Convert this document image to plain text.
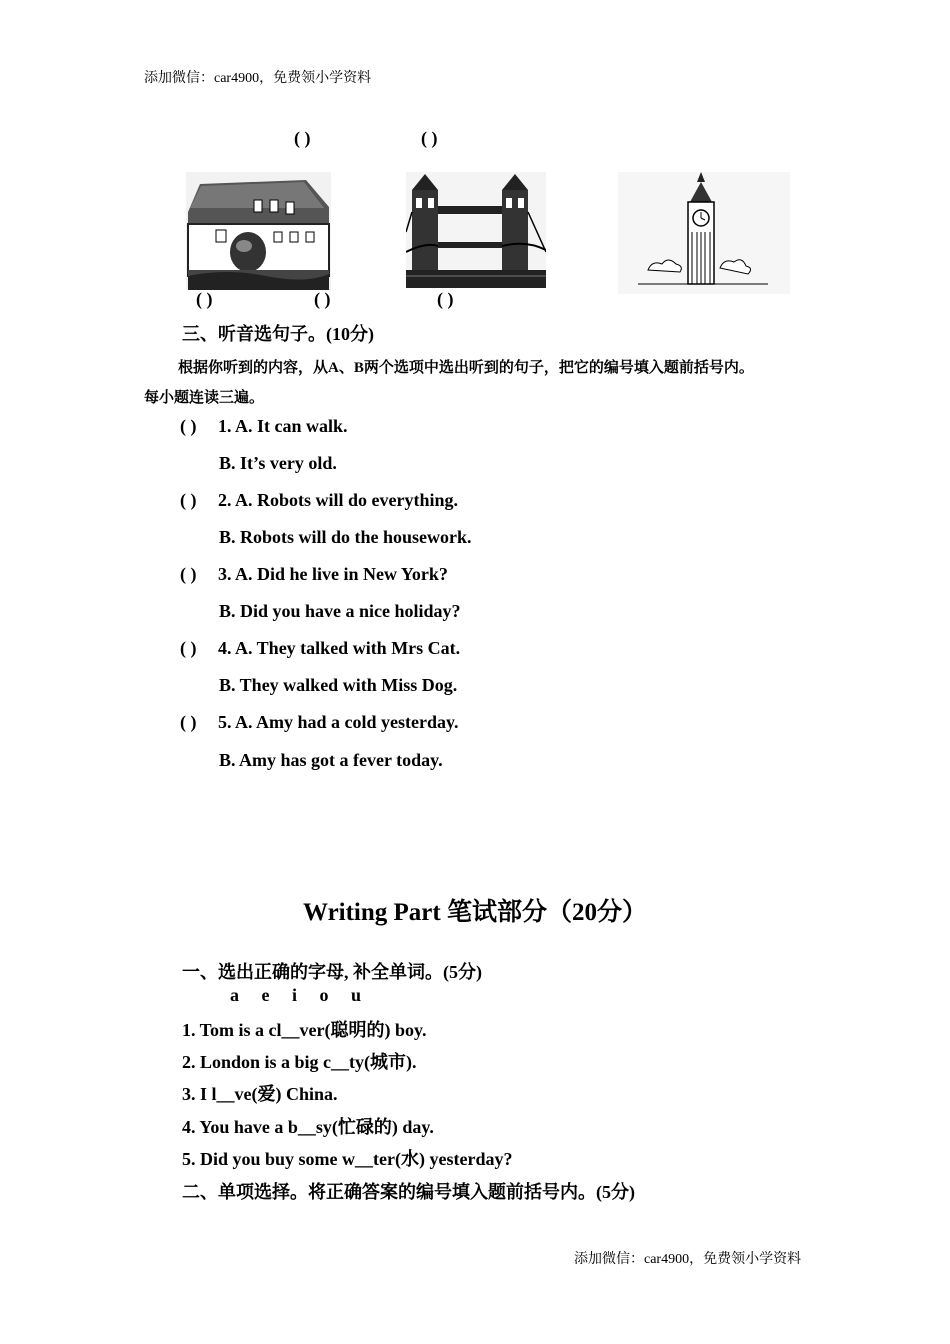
添加微信：car4900，免费领小学资料
( )	( )
( )	( )	( )
三、听音选句子。(10分)
根据你听到的内容，从A、B两个选项中选出听到的句子，把它的编号填入题前括号内。
每小题连读三遍。
( ) 1. A. It can walk.
B. It’s very old.
( ) 2. A. Robots will do everything.
B. Robots will do the housework.
( ) 3. A. Did he live in New York?
B. Did you have a nice holiday?
( ) 4. A. They talked with Mrs Cat.
B. They walked with Miss Dog.
( ) 5. A. Amy had a cold yesterday.
B. Amy has got a fever today.
Writing Part 笔试部分（20分）
一、选出正确的字母, 补全单词。(5分)
a     e     i     o     u
1. Tom is a cl__ver(聪明的) boy.
2. London is a big c__ty(城市).
3. I l__ve(爱) China.
4. You have a b__sy(忙碌的) day.
5. Did you buy some w__ter(水) yesterday?
二、单项选择。将正确答案的编号填入题前括号内。(5分)
添加微信：car4900，免费领小学资料
